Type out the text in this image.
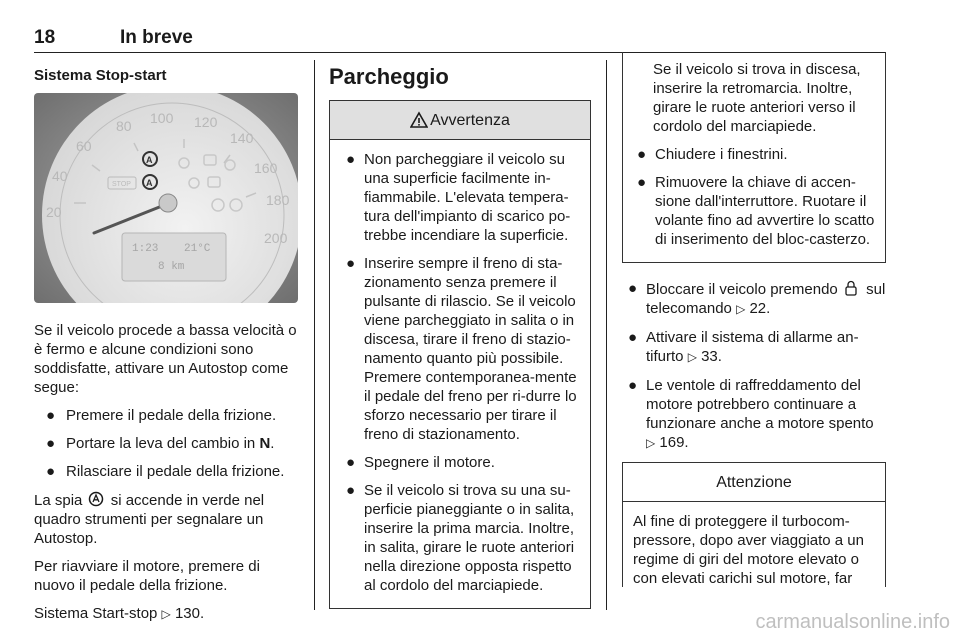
18	In breve
Sistema Stop-start
20
40
60
80 100 120
140
160
180
200
A
A
STOP
1:23 21°C
8 km

Se il veicolo procede a bassa velocità o è fermo e alcune condizioni sono soddisfatte, attivare un Autostop come segue:

● Premere il pedale della frizione.
● Portare la leva del cambio in N.
● Rilasciare il pedale della frizione.

La spia  si accende in verde nel quadro strumenti per segnalare un Autostop.

Per riavviare il motore, premere di nuovo il pedale della frizione.

Sistema Start-stop ▷ 130.

Parcheggio
Avvertenza
● Non parcheggiare il veicolo su una superficie facilmente in-fiammabile. L'elevata tempera-tura dell'impianto di scarico po-trebbe incendiare la superficie.
● Inserire sempre il freno di sta-zionamento senza premere il pulsante di rilascio. Se il veicolo viene parcheggiato in salita o in discesa, tirare il freno di stazio-namento quanto più possibile. Premere contemporanea-mente il pedale del freno per ri-durre lo sforzo necessario per tirare il freno di stazionamento.
● Spegnere il motore.
● Se il veicolo si trova su una su-perficie pianeggiante o in salita, inserire la prima marcia. Inoltre, in salita, girare le ruote anteriori nella direzione opposta rispetto al cordolo del marciapiede.

Se il veicolo si trova in discesa, inserire la retromarcia. Inoltre, girare le ruote anteriori verso il cordolo del marciapiede.

● Chiudere i finestrini.
● Rimuovere la chiave di accen-sione dall'interruttore. Ruotare il volante fino ad avvertire lo scatto di inserimento del bloc-casterzo.
● Bloccare il veicolo premendo  sul telecomando ▷ 22.
● Attivare il sistema di allarme an-tifurto ▷ 33.
● Le ventole di raffreddamento del motore potrebbero continuare a funzionare anche a motore spento ▷ 169.
Attenzione

Al fine di proteggere il turbocom-pressore, dopo aver viaggiato a un regime di giri del motore elevato o con elevati carichi sul motore, far

carmanualsonline.info
